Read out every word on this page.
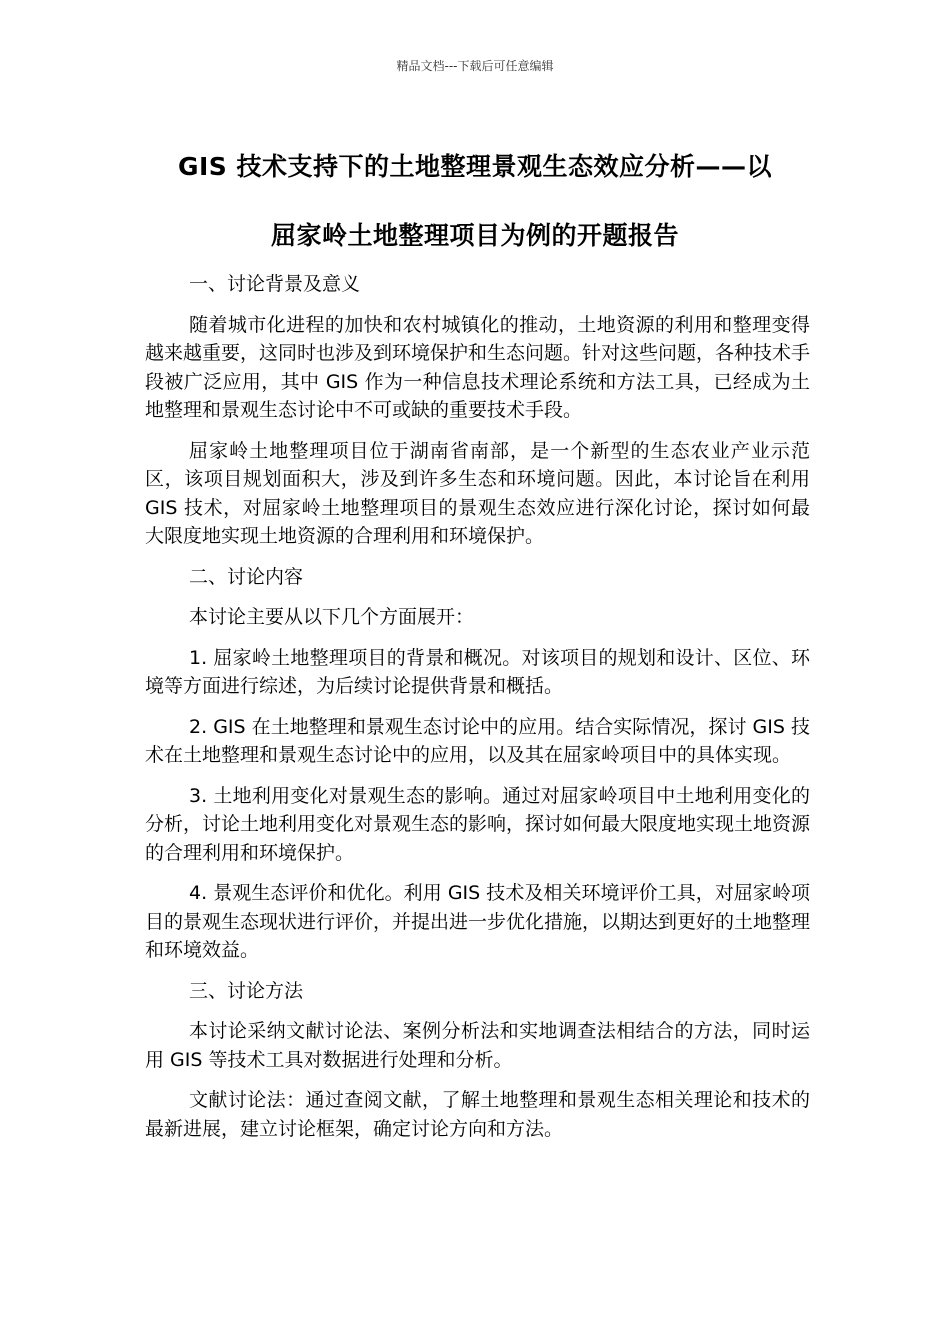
精品文档---下载后可任意编辑
GIS 技术支持下的土地整理景观生态效应分析——以
屈家岭土地整理项目为例的开题报告

一、讨论背景及意义

随着城市化进程的加快和农村城镇化的推动，土地资源的利用和整理变得越来越重要，这同时也涉及到环境保护和生态问题。针对这些问题，各种技术手段被广泛应用，其中 GIS 作为一种信息技术理论系统和方法工具，已经成为土地整理和景观生态讨论中不可或缺的重要技术手段。

屈家岭土地整理项目位于湖南省南部，是一个新型的生态农业产业示范区，该项目规划面积大，涉及到许多生态和环境问题。因此，本讨论旨在利用 GIS 技术，对屈家岭土地整理项目的景观生态效应进行深化讨论，探讨如何最大限度地实现土地资源的合理利用和环境保护。

二、讨论内容

本讨论主要从以下几个方面展开：

1. 屈家岭土地整理项目的背景和概况。对该项目的规划和设计、区位、环境等方面进行综述，为后续讨论提供背景和概括。

2. GIS 在土地整理和景观生态讨论中的应用。结合实际情况，探讨 GIS 技术在土地整理和景观生态讨论中的应用，以及其在屈家岭项目中的具体实现。

3. 土地利用变化对景观生态的影响。通过对屈家岭项目中土地利用变化的分析，讨论土地利用变化对景观生态的影响，探讨如何最大限度地实现土地资源的合理利用和环境保护。

4. 景观生态评价和优化。利用 GIS 技术及相关环境评价工具，对屈家岭项目的景观生态现状进行评价，并提出进一步优化措施，以期达到更好的土地整理和环境效益。

三、讨论方法

本讨论采纳文献讨论法、案例分析法和实地调查法相结合的方法，同时运用 GIS 等技术工具对数据进行处理和分析。

文献讨论法：通过查阅文献，了解土地整理和景观生态相关理论和技术的最新进展，建立讨论框架，确定讨论方向和方法。
